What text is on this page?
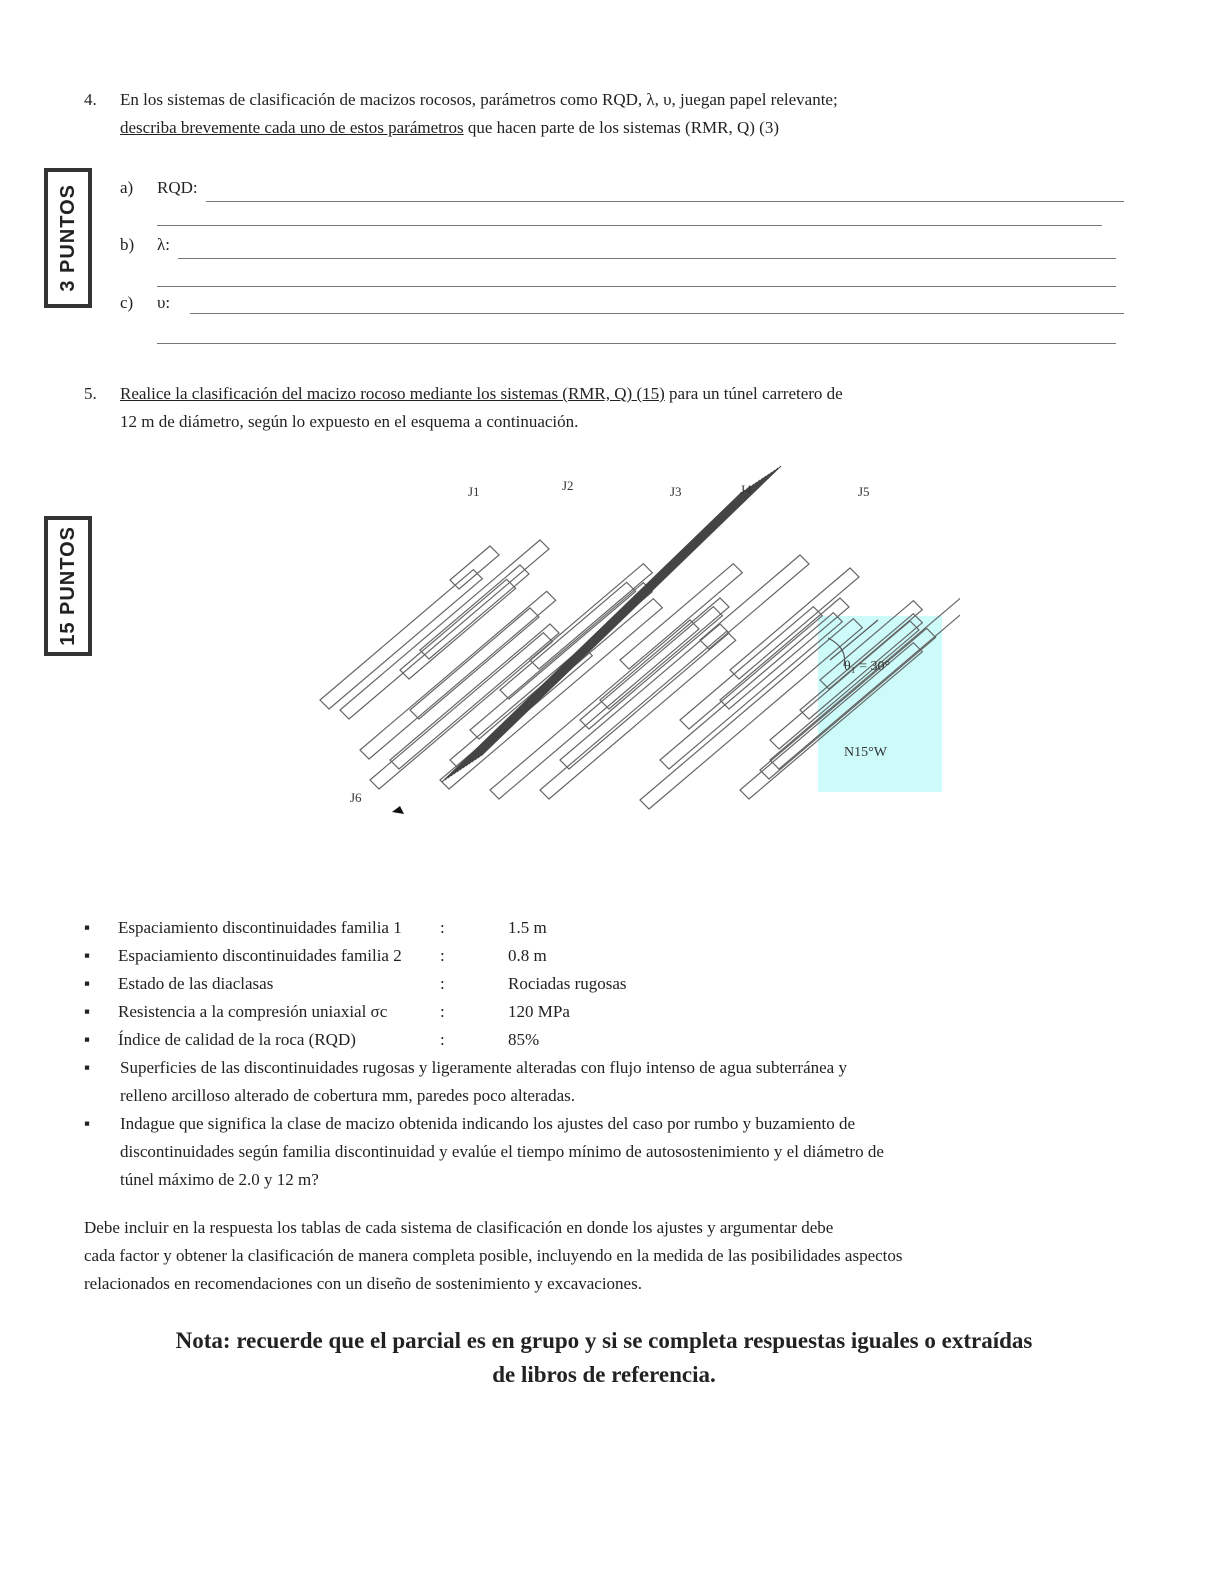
4. En los sistemas de clasificación de macizos rocosos, parámetros como RQD, λ, υ, juegan papel relevante;
describa brevemente cada uno de estos parámetros que hacen parte de los sistemas (RMR, Q) (3)
3 PUNTOS a) RQD:
b) λ:
c) υ:
5. Realice la clasificación del macizo rocoso mediante los sistemas (RMR, Q) (15) para un túnel carretero de
12 m de diámetro, según lo expuesto en el esquema a continuación.
15 PUNTOS
J1	J2	J3	J4	J5
J6
θ₁ = 30°
N15°W
▪ Espaciamiento discontinuidades familia 1 :	1.5 m
▪ Espaciamiento discontinuidades familia 2 :	0.8 m
▪ Estado de las diaclasas	:	Rociadas rugosas
▪ Resistencia a la compresión uniaxial σc	:	120 MPa
▪ Índice de calidad de la roca (RQD)	:	85%
▪ Superficies de las discontinuidades rugosas y ligeramente alteradas con flujo intenso de agua subterránea y
relleno arcilloso alterado de cobertura mm, paredes poco alteradas.
▪ Indague que significa la clase de macizo obtenida indicando los ajustes del caso por rumbo y buzamiento de
discontinuidades según familia discontinuidad y evalúe el tiempo mínimo de autosostenimiento y el diámetro de
túnel máximo de 2.0 y 12 m?
Debe incluir en la respuesta los tablas de cada sistema de clasificación en donde los ajustes y argumentar debe
cada factor y obtener la clasificación de manera completa posible, incluyendo en la medida de las posibilidades aspectos
relacionados en recomendaciones con un diseño de sostenimiento y excavaciones.
Nota: recuerde que el parcial es en grupo y si se completa respuestas iguales o extraídas
de libros de referencia.
